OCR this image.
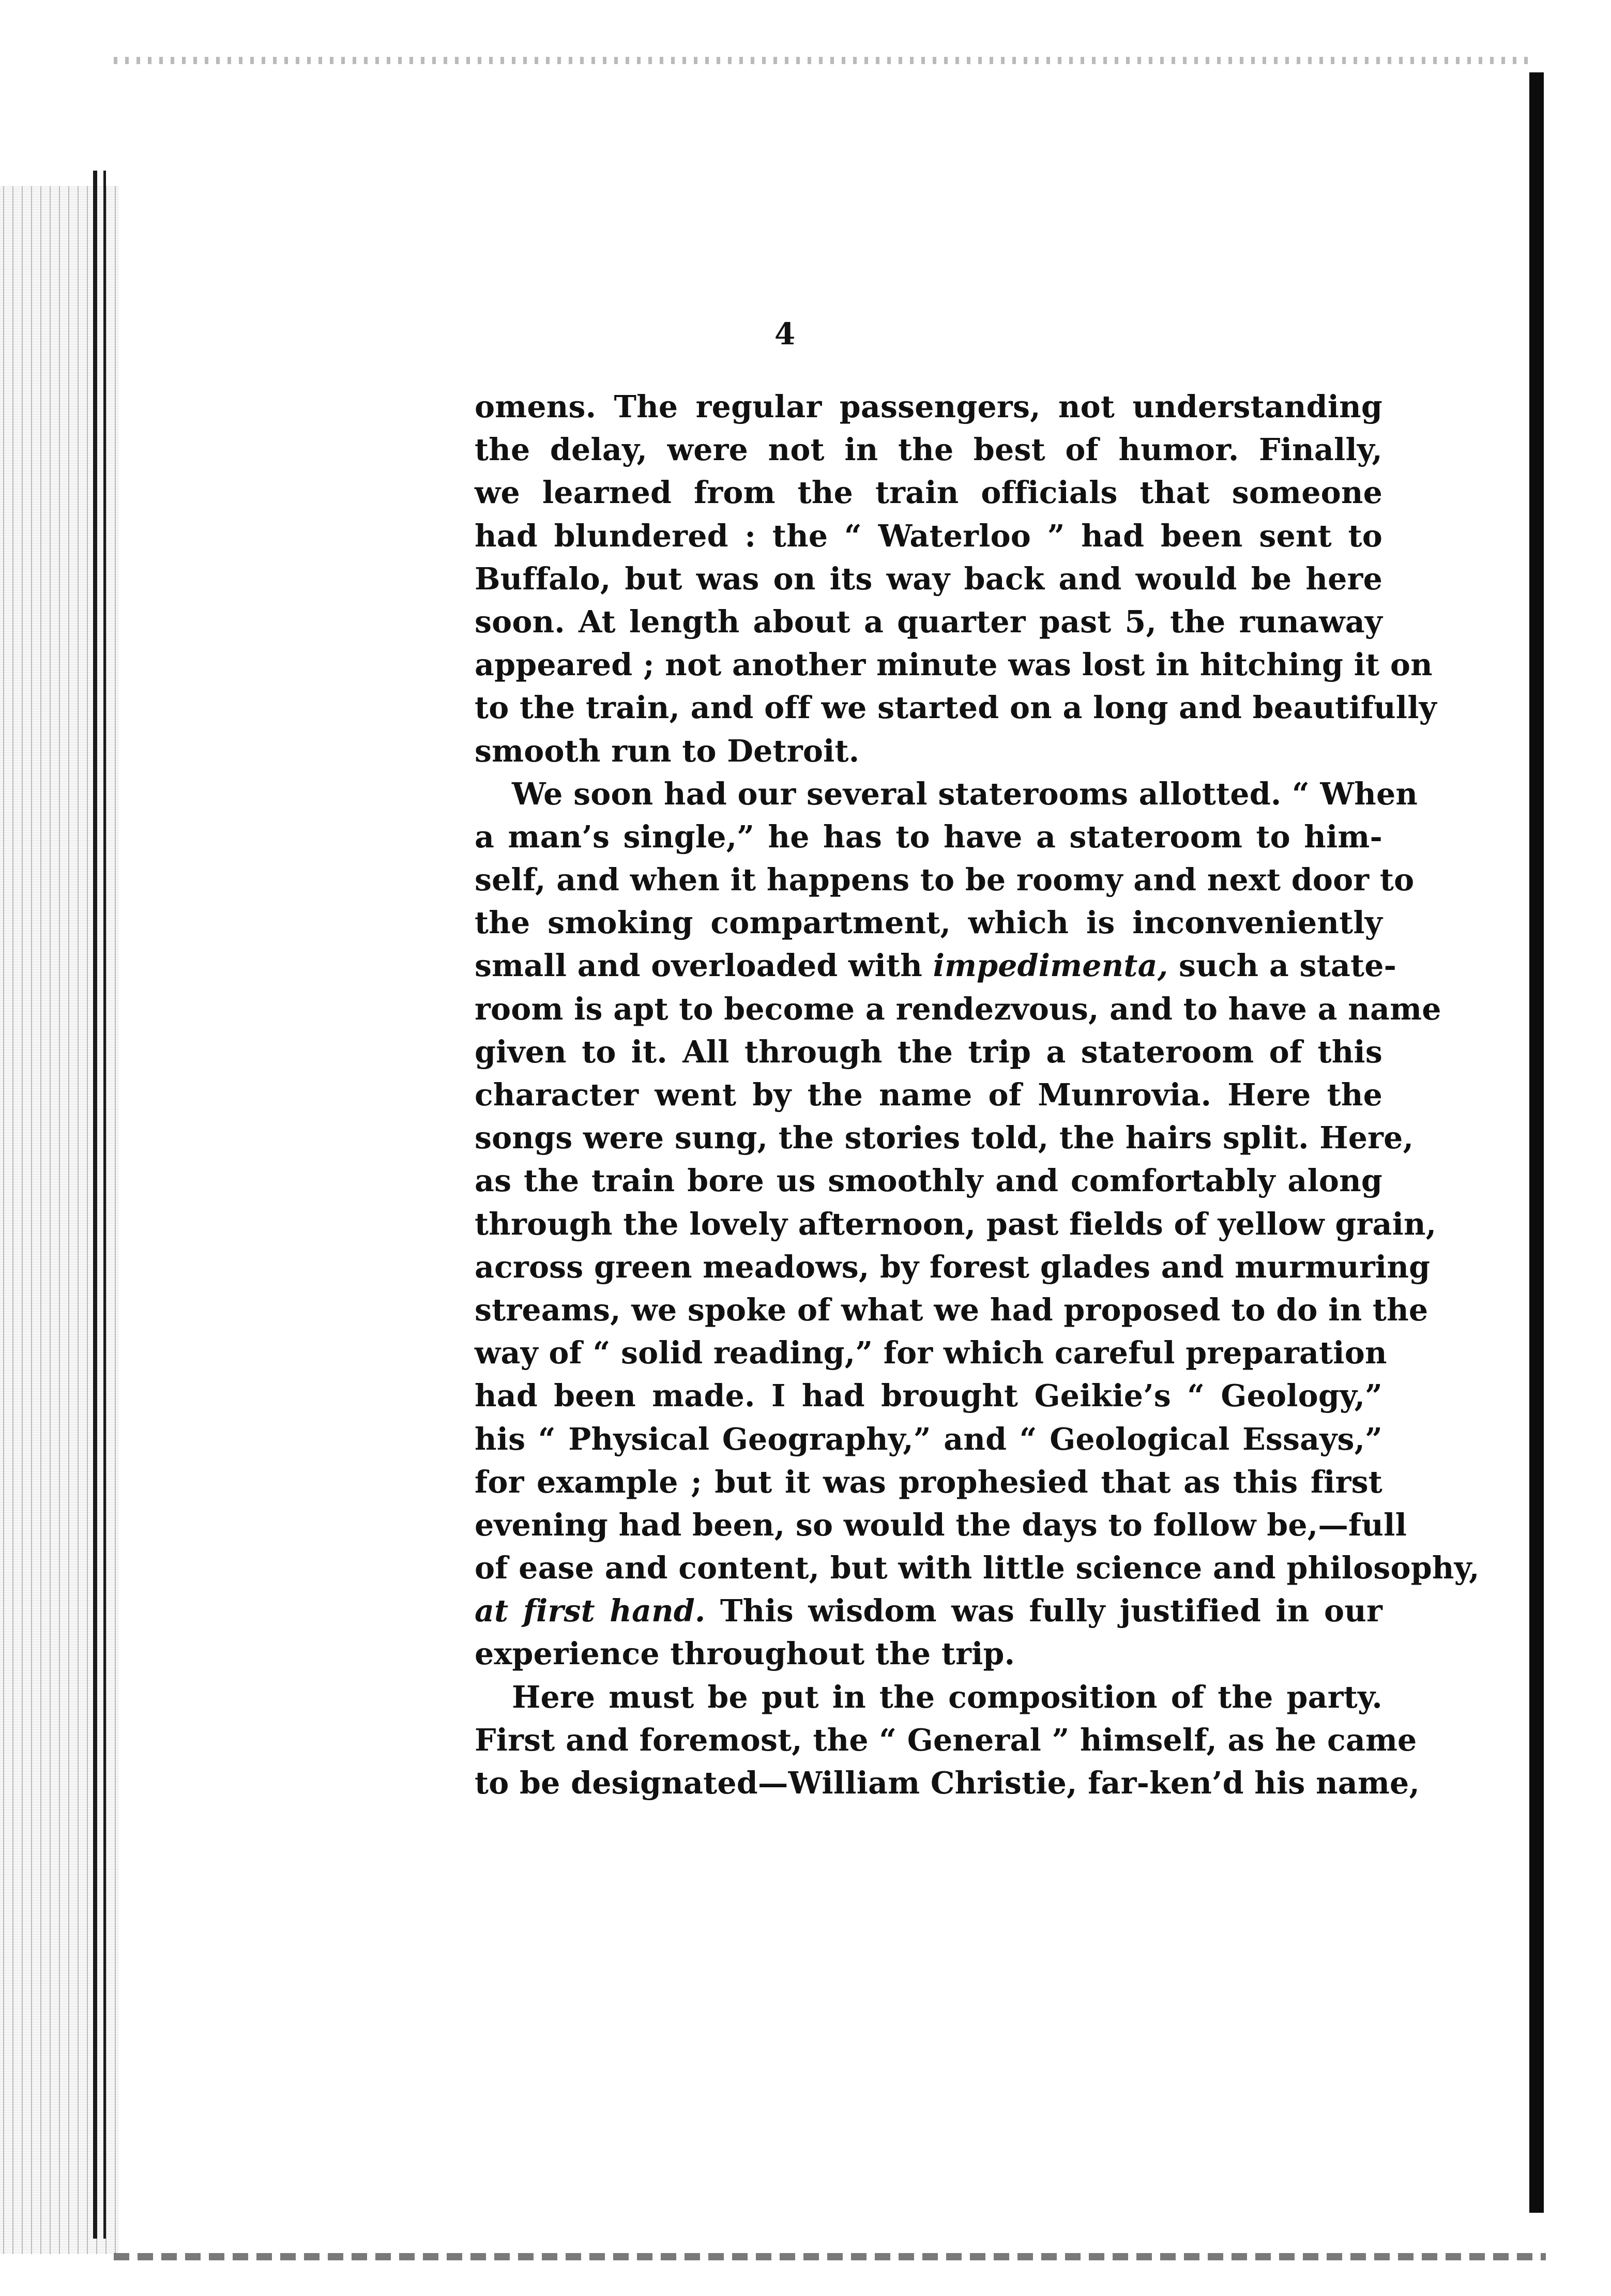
4
omens. The regular passengers, not understanding
the delay, were not in the best of humor. Finally,
we learned from the train officials that someone
had blundered : the “ Waterloo ” had been sent to
Buffalo, but was on its way back and would be here
soon. At length about a quarter past 5, the runaway
appeared ; not another minute was lost in hitching it on
to the train, and off we started on a long and beautifully
smooth run to Detroit.
We soon had our several staterooms allotted. “ When
a man’s single,” he has to have a stateroom to him-
self, and when it happens to be roomy and next door to
the smoking compartment, which is inconveniently
small and overloaded with impedimenta, such a state-
room is apt to become a rendezvous, and to have a name
given to it. All through the trip a stateroom of this
character went by the name of Munrovia. Here the
songs were sung, the stories told, the hairs split. Here,
as the train bore us smoothly and comfortably along
through the lovely afternoon, past fields of yellow grain,
across green meadows, by forest glades and murmuring
streams, we spoke of what we had proposed to do in the
way of “ solid reading,” for which careful preparation
had been made. I had brought Geikie’s “ Geology,”
his “ Physical Geography,” and “ Geological Essays,”
for example ; but it was prophesied that as this first
evening had been, so would the days to follow be,—full
of ease and content, but with little science and philosophy,
at first hand. This wisdom was fully justified in our
experience throughout the trip.
Here must be put in the composition of the party.
First and foremost, the “ General ” himself, as he came
to be designated—William Christie, far-ken’d his name,
